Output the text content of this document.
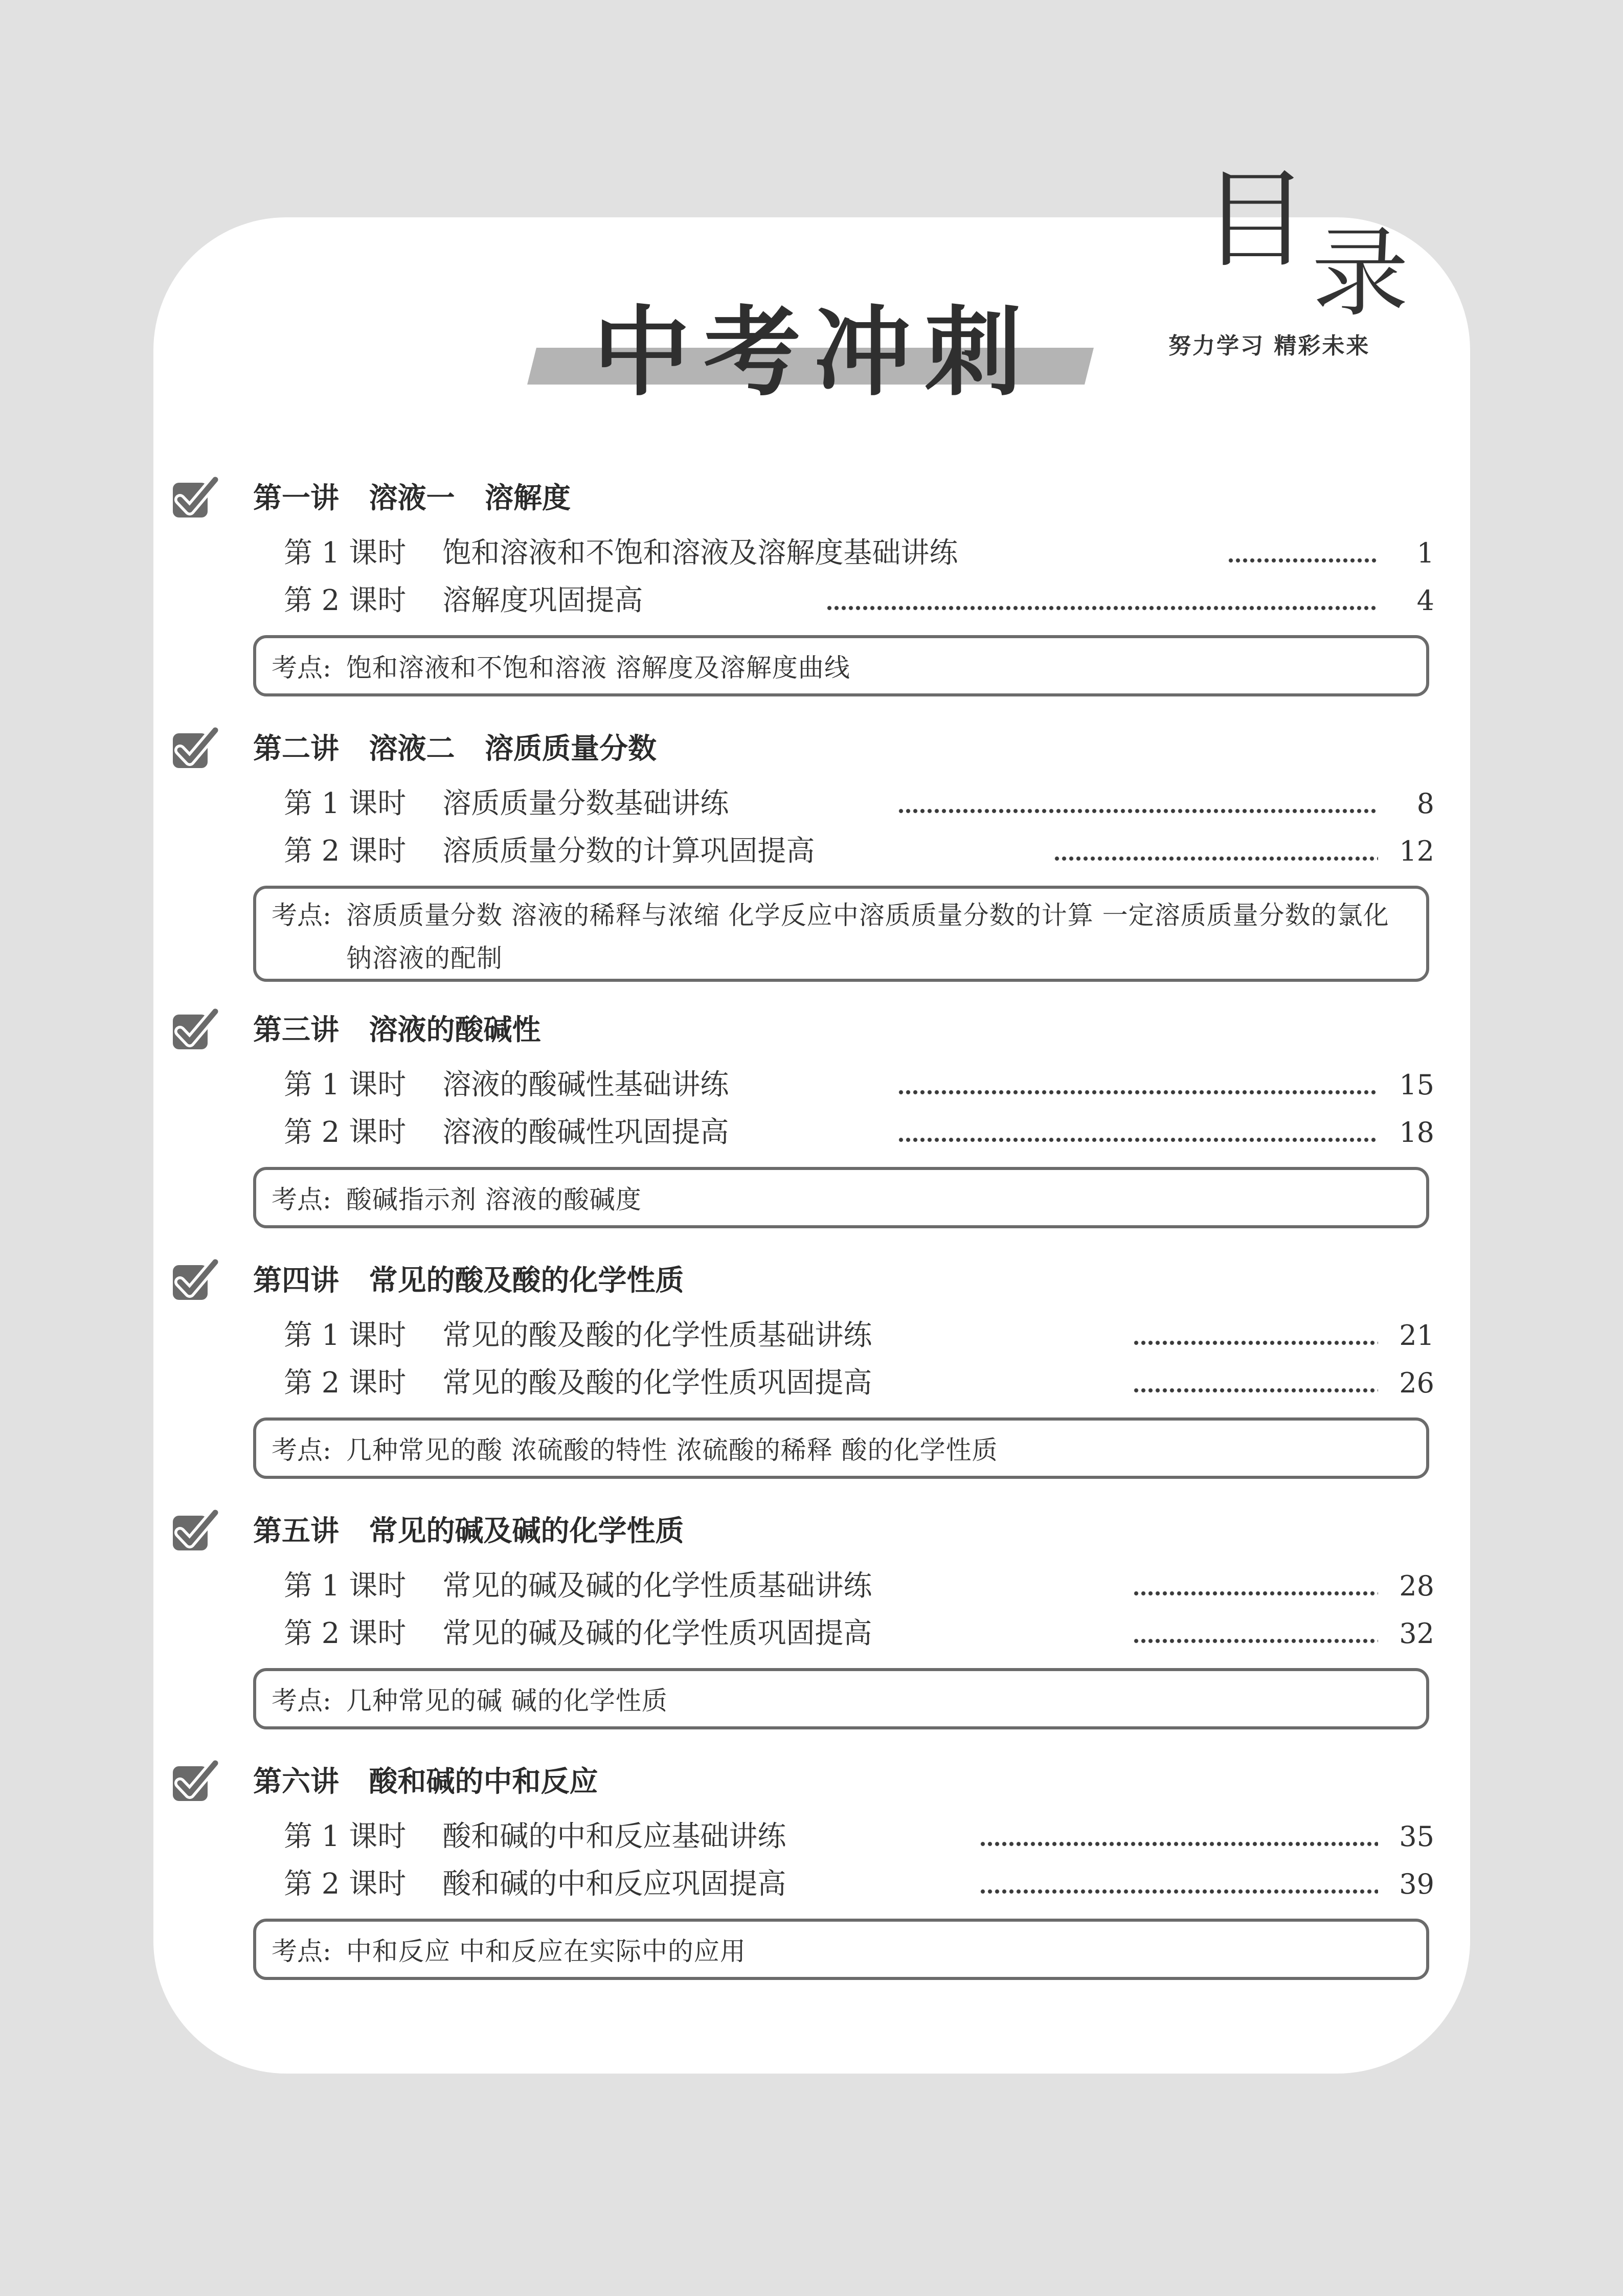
目 录
努力学习 精彩未来
中考冲刺
第一讲   溶液一   溶解度
第 1 课时    饱和溶液和不饱和溶液及溶解度基础讲练	1
第 2 课时    溶解度巩固提高	4
考点: 饱和溶液和不饱和溶液 溶解度及溶解度曲线
第二讲   溶液二   溶质质量分数
第 1 课时    溶质质量分数基础讲练	8
第 2 课时    溶质质量分数的计算巩固提高	12
考点: 溶质质量分数 溶液的稀释与浓缩 化学反应中溶质质量分数的计算 一定溶质质量分数的氯化钠溶液的配制
第三讲   溶液的酸碱性
第 1 课时    溶液的酸碱性基础讲练	15
第 2 课时    溶液的酸碱性巩固提高	18
考点: 酸碱指示剂 溶液的酸碱度
第四讲   常见的酸及酸的化学性质
第 1 课时    常见的酸及酸的化学性质基础讲练	21
第 2 课时    常见的酸及酸的化学性质巩固提高	26
考点: 几种常见的酸 浓硫酸的特性 浓硫酸的稀释 酸的化学性质
第五讲   常见的碱及碱的化学性质
第 1 课时    常见的碱及碱的化学性质基础讲练	28
第 2 课时    常见的碱及碱的化学性质巩固提高	32
考点: 几种常见的碱 碱的化学性质
第六讲   酸和碱的中和反应
第 1 课时    酸和碱的中和反应基础讲练	35
第 2 课时    酸和碱的中和反应巩固提高	39
考点: 中和反应 中和反应在实际中的应用
